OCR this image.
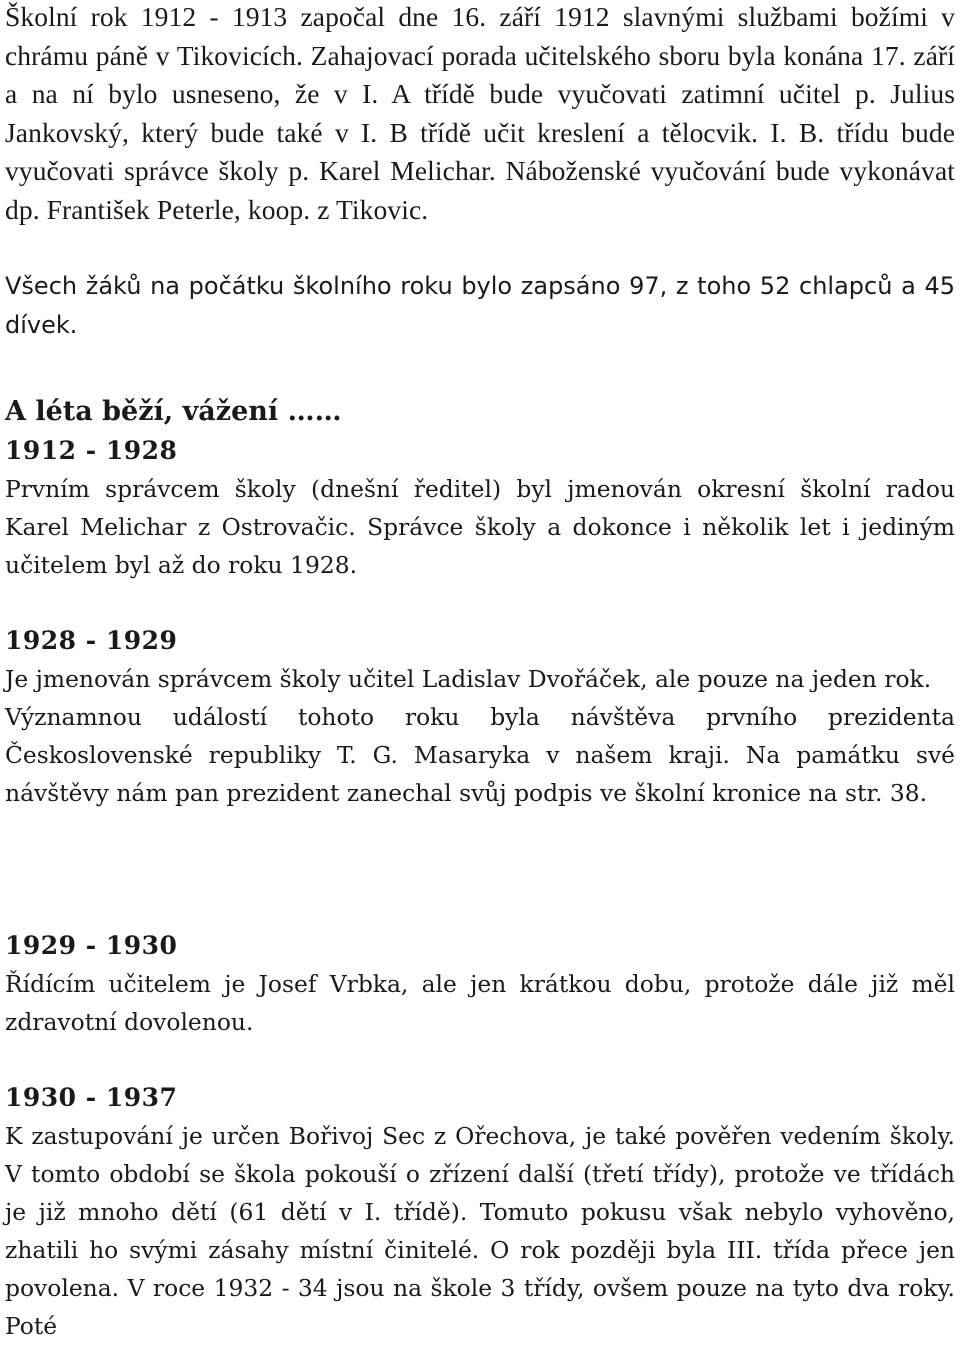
Školní rok 1912 - 1913 započal dne 16. září 1912 slavnými službami božími v chrámu páně v Tikovicích. Zahajovací porada učitelského sboru byla konána 17. září a na ní bylo usneseno, že v I. A třídě bude vyučovati zatimní učitel p. Julius Jankovský, který bude také v I. B třídě učit kreslení a tělocvik. I. B. třídu bude vyučovati správce školy p. Karel Melichar. Náboženské vyučování bude vykonávat dp. František Peterle, koop. z Tikovic.

Všech žáků na počátku školního roku bylo zapsáno 97, z toho 52 chlapců a 45 dívek.

A léta běží, vážení ……

1912 - 1928

Prvním správcem školy (dnešní ředitel) byl jmenován okresní školní radou Karel Melichar z Ostrovačic. Správce školy a dokonce i několik let i jediným učitelem byl až do roku 1928.

1928 - 1929

Je jmenován správcem školy učitel Ladislav Dvořáček, ale pouze na jeden rok.

Významnou událostí tohoto roku byla návštěva prvního prezidenta Československé republiky T. G. Masaryka v našem kraji. Na památku své návštěvy nám pan prezident zanechal svůj podpis ve školní kronice na str. 38.

1929 - 1930

Řídícím učitelem je Josef Vrbka, ale jen krátkou dobu, protože dále již měl zdravotní dovolenou.

1930 - 1937

K zastupování je určen Bořivoj Sec z Ořechova, je také pověřen vedením školy. V tomto období se škola pokouší o zřízení další (třetí třídy), protože ve třídách je již mnoho dětí (61 dětí v I. třídě). Tomuto pokusu však nebylo vyhověno, zhatili ho svými zásahy místní činitelé. O rok později byla III. třída přece jen povolena. V roce 1932 - 34 jsou na škole 3 třídy, ovšem pouze na tyto dva roky. Poté
